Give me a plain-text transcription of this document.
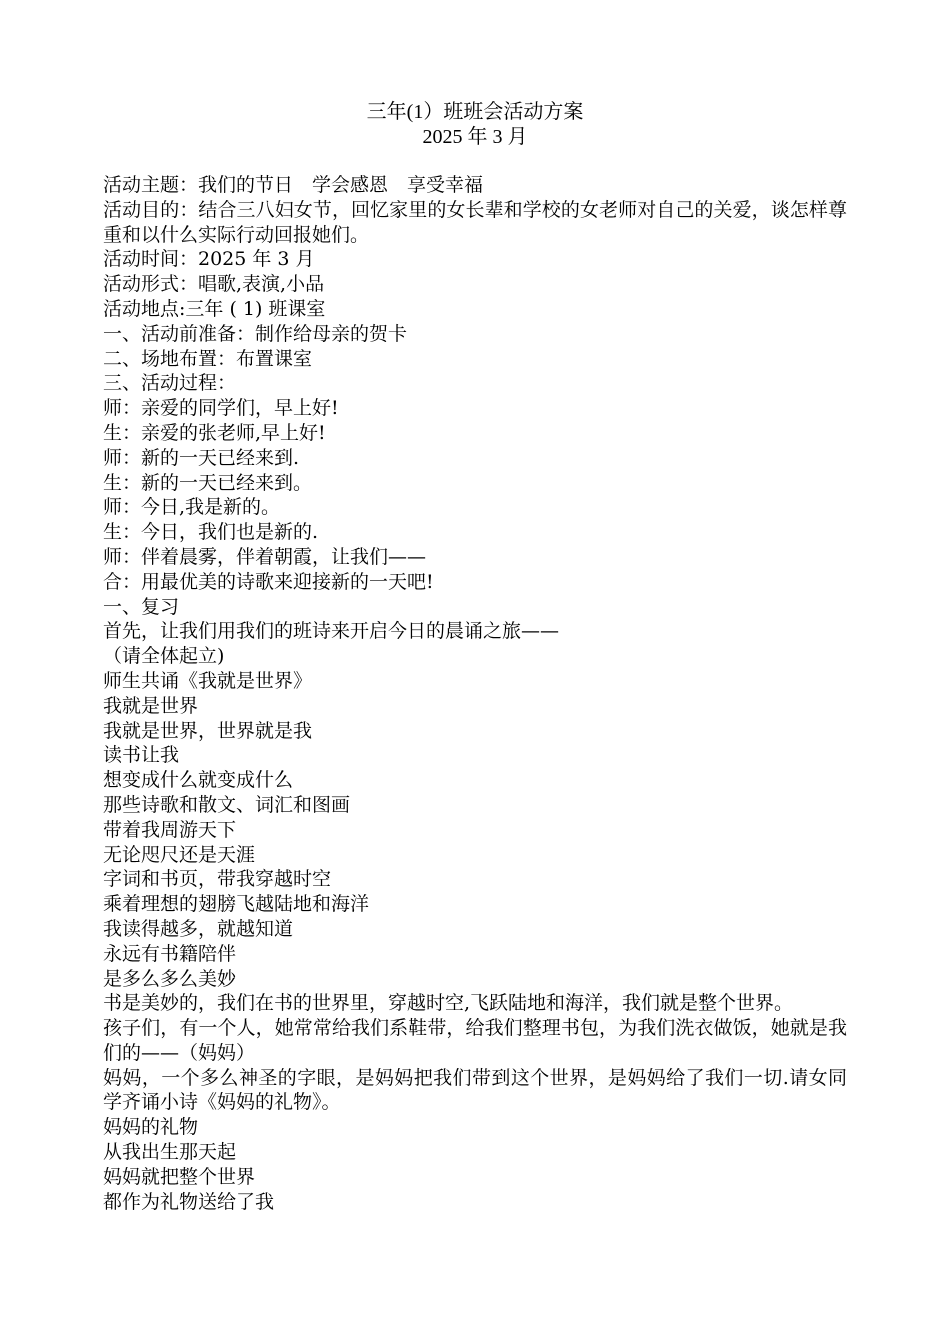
三年(1）班班会活动方案
2025 年 3 月

活动主题：我们的节日　学会感恩　享受幸福

活动目的：结合三八妇女节，回忆家里的女长辈和学校的女老师对自己的关爱，谈怎样尊重和以什么实际行动回报她们。

活动时间：2025 年 3 月

活动形式：唱歌,表演,小品

活动地点:三年 ( 1) 班课室

一、活动前准备：制作给母亲的贺卡

二、场地布置：布置课室

三、活动过程：

师：亲爱的同学们，早上好!

生：亲爱的张老师,早上好!

师：新的一天已经来到.

生：新的一天已经来到。

师：今日,我是新的。

生：今日，我们也是新的.

师：伴着晨雾，伴着朝霞，让我们——

合：用最优美的诗歌来迎接新的一天吧!

一、复习

首先，让我们用我们的班诗来开启今日的晨诵之旅——

（请全体起立)

师生共诵《我就是世界》

我就是世界

我就是世界，世界就是我

读书让我

想变成什么就变成什么

那些诗歌和散文、词汇和图画

带着我周游天下

无论咫尺还是天涯

字词和书页，带我穿越时空

乘着理想的翅膀飞越陆地和海洋

我读得越多，就越知道

永远有书籍陪伴

是多么多么美妙

书是美妙的，我们在书的世界里，穿越时空,飞跃陆地和海洋，我们就是整个世界。

孩子们，有一个人，她常常给我们系鞋带，给我们整理书包，为我们洗衣做饭，她就是我们的——（妈妈）

妈妈，一个多么神圣的字眼，是妈妈把我们带到这个世界，是妈妈给了我们一切.请女同学齐诵小诗《妈妈的礼物》。

妈妈的礼物

从我出生那天起

妈妈就把整个世界

都作为礼物送给了我
